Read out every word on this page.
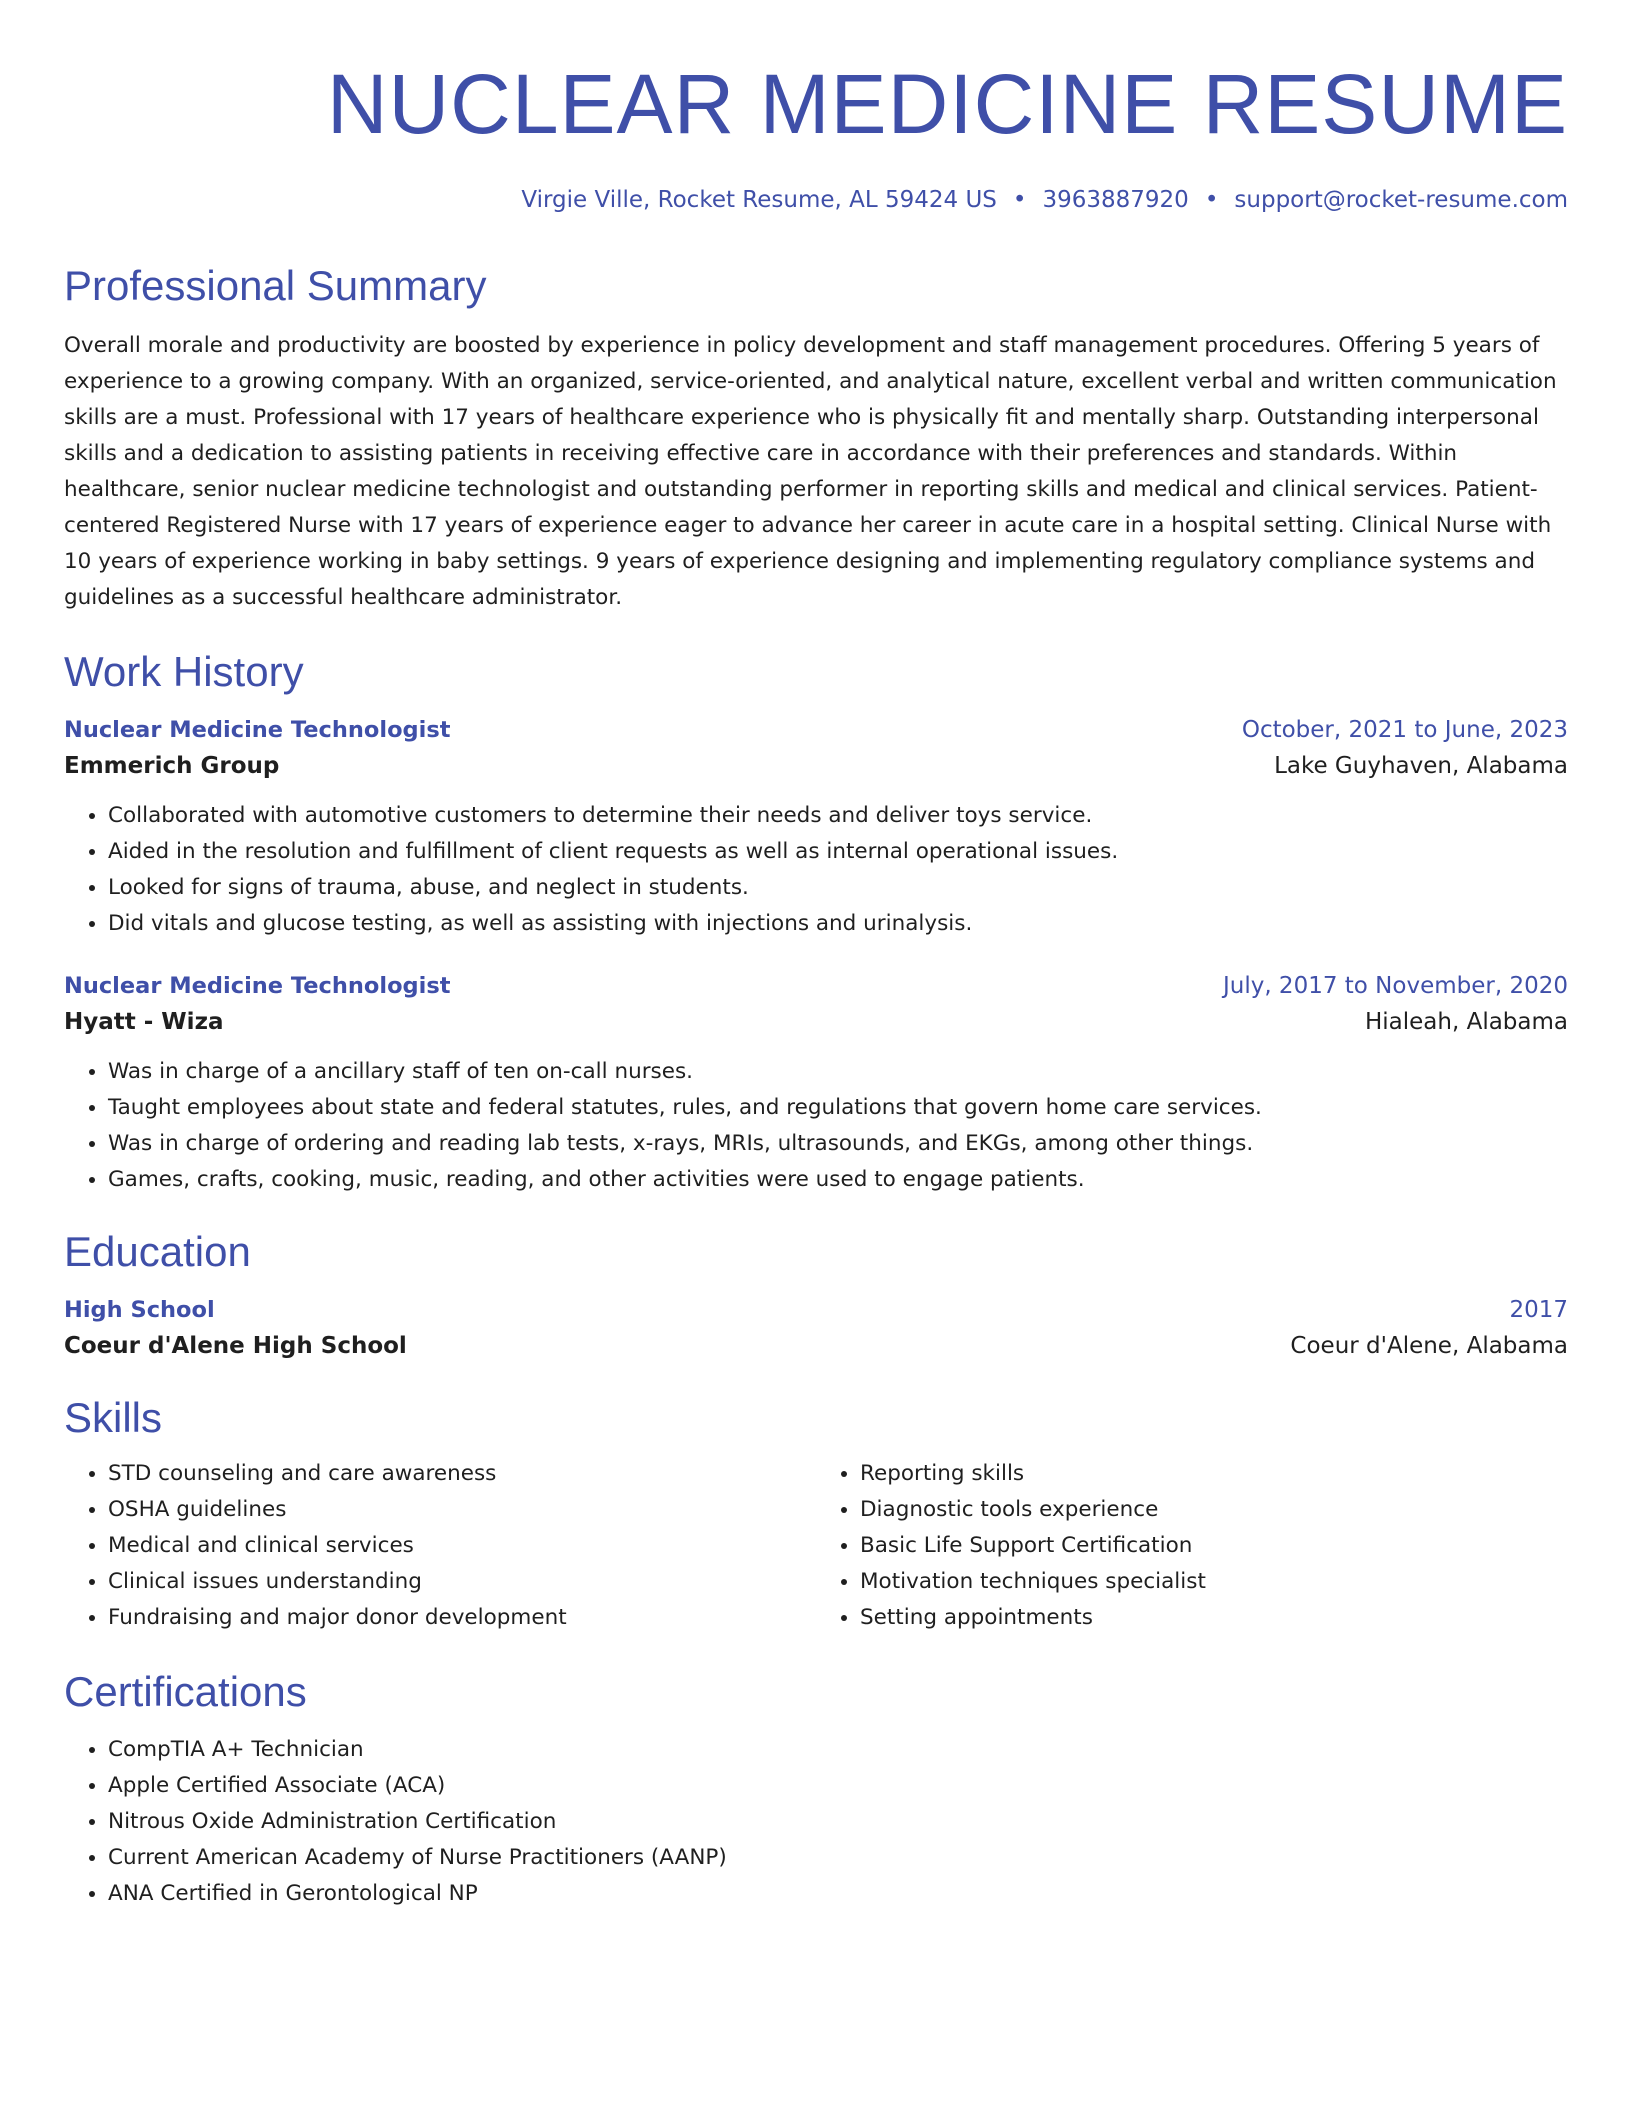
NUCLEAR MEDICINE RESUME
Virgie Ville, Rocket Resume, AL 59424 US • 3963887920 • support@rocket-resume.com
Professional Summary
Overall morale and productivity are boosted by experience in policy development and staff management procedures. Offering 5 years of experience to a growing company. With an organized, service-oriented, and analytical nature, excellent verbal and written communication skills are a must. Professional with 17 years of healthcare experience who is physically fit and mentally sharp. Outstanding interpersonal skills and a dedication to assisting patients in receiving effective care in accordance with their preferences and standards. Within healthcare, senior nuclear medicine technologist and outstanding performer in reporting skills and medical and clinical services. Patient-centered Registered Nurse with 17 years of experience eager to advance her career in acute care in a hospital setting. Clinical Nurse with 10 years of experience working in baby settings. 9 years of experience designing and implementing regulatory compliance systems and guidelines as a successful healthcare administrator.
Work History
Nuclear Medicine Technologist	October, 2021 to June, 2023
Emmerich Group	Lake Guyhaven, Alabama
• Collaborated with automotive customers to determine their needs and deliver toys service.
• Aided in the resolution and fulfillment of client requests as well as internal operational issues.
• Looked for signs of trauma, abuse, and neglect in students.
• Did vitals and glucose testing, as well as assisting with injections and urinalysis.
Nuclear Medicine Technologist	July, 2017 to November, 2020
Hyatt - Wiza	Hialeah, Alabama
• Was in charge of a ancillary staff of ten on-call nurses.
• Taught employees about state and federal statutes, rules, and regulations that govern home care services.
• Was in charge of ordering and reading lab tests, x-rays, MRIs, ultrasounds, and EKGs, among other things.
• Games, crafts, cooking, music, reading, and other activities were used to engage patients.
Education
High School	2017
Coeur d'Alene High School	Coeur d'Alene, Alabama
Skills
• STD counseling and care awareness
• OSHA guidelines
• Medical and clinical services
• Clinical issues understanding
• Fundraising and major donor development
• Reporting skills
• Diagnostic tools experience
• Basic Life Support Certification
• Motivation techniques specialist
• Setting appointments
Certifications
• CompTIA A+ Technician
• Apple Certified Associate (ACA)
• Nitrous Oxide Administration Certification
• Current American Academy of Nurse Practitioners (AANP)
• ANA Certified in Gerontological NP
